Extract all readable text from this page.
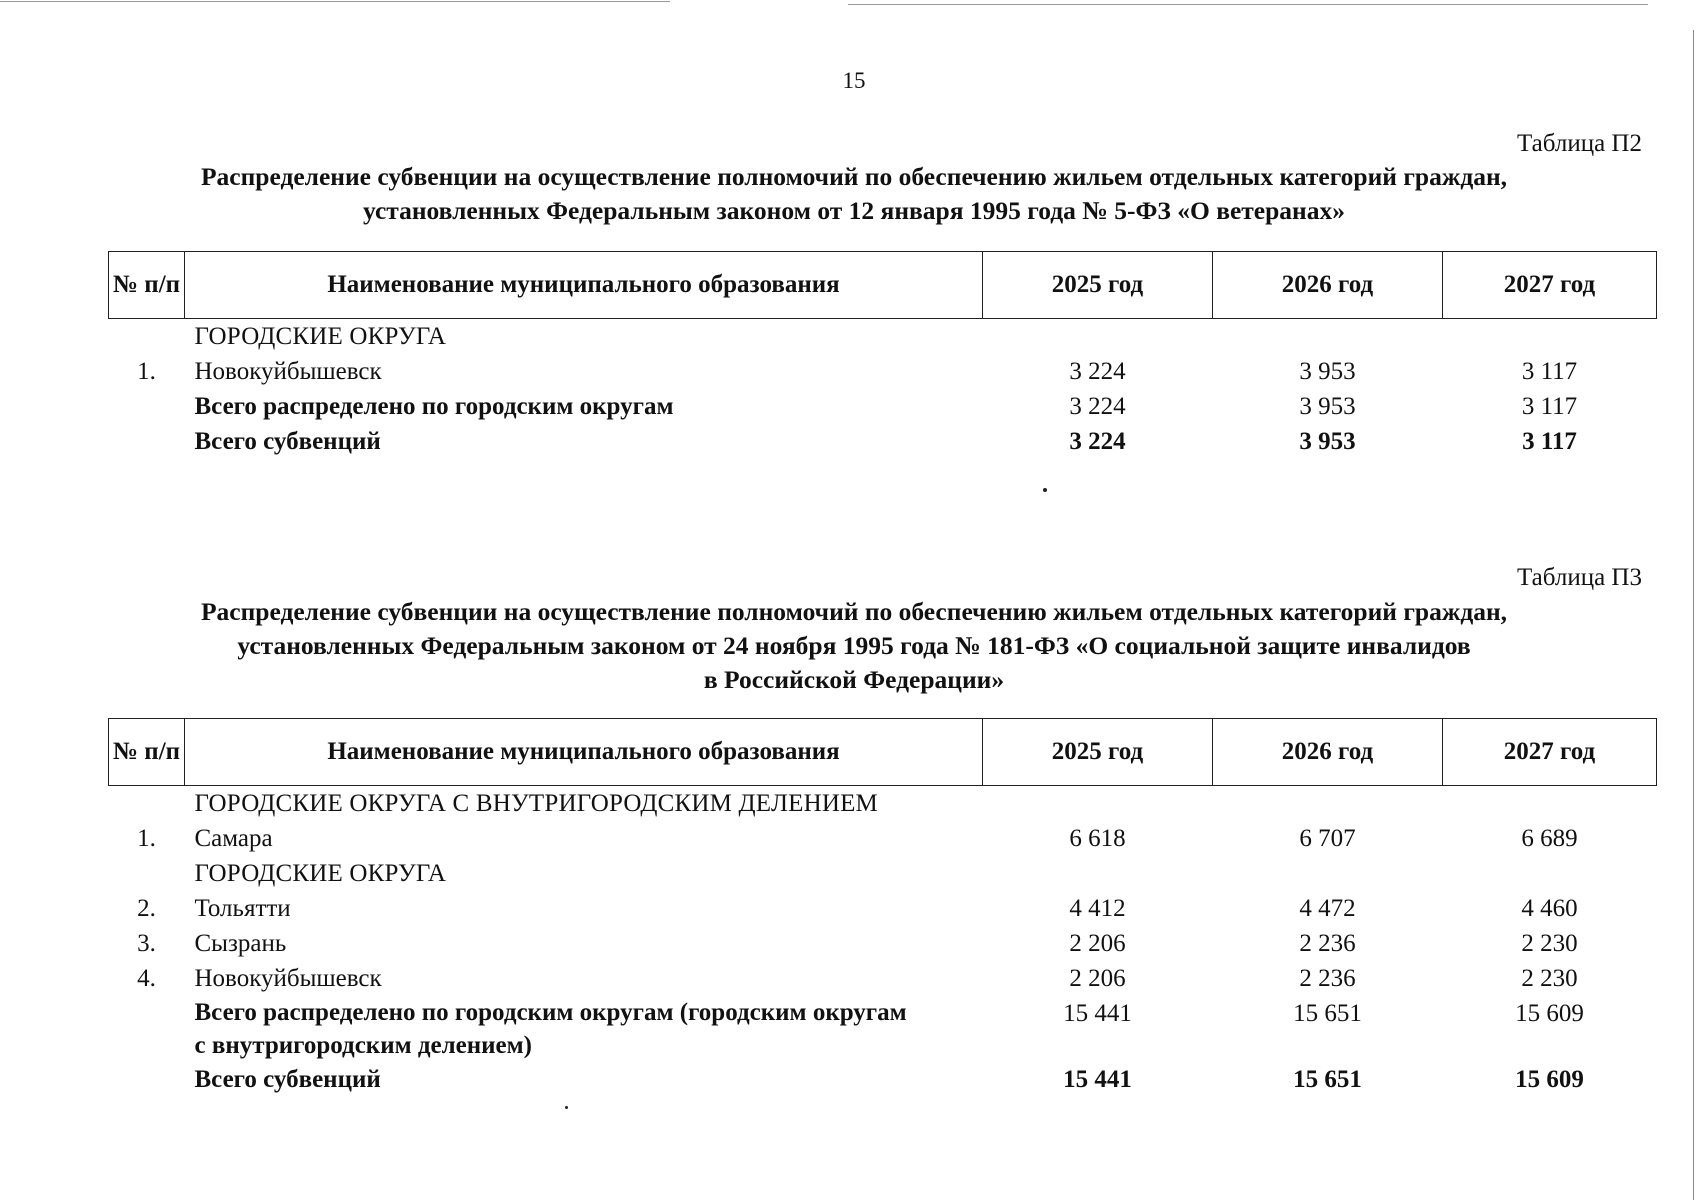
15
Таблица П2
Распределение субвенции на осуществление полномочий по обеспечению жильем отдельных категорий граждан,
установленных Федеральным законом от 12 января 1995 года № 5-ФЗ «О ветеранах»
№ п/п	Наименование муниципального образования	2025 год	2026 год	2027 год
	ГОРОДСКИЕ ОКРУГА			
1.	Новокуйбышевск	3 224	3 953	3 117
	Всего распределено по городским округам	3 224	3 953	3 117
	Всего субвенций	3 224	3 953	3 117
Таблица П3
Распределение субвенции на осуществление полномочий по обеспечению жильем отдельных категорий граждан,
установленных Федеральным законом от 24 ноября 1995 года № 181-ФЗ «О социальной защите инвалидов
в Российской Федерации»
№ п/п	Наименование муниципального образования	2025 год	2026 год	2027 год
	ГОРОДСКИЕ ОКРУГА С ВНУТРИГОРОДСКИМ ДЕЛЕНИЕМ			
1.	Самара	6 618	6 707	6 689
	ГОРОДСКИЕ ОКРУГА			
2.	Тольятти	4 412	4 472	4 460
3.	Сызрань	2 206	2 236	2 230
4.	Новокуйбышевск	2 206	2 236	2 230
	Всего распределено по городским округам (городским округам с внутригородским делением)	15 441	15 651	15 609
	Всего субвенций	15 441	15 651	15 609
